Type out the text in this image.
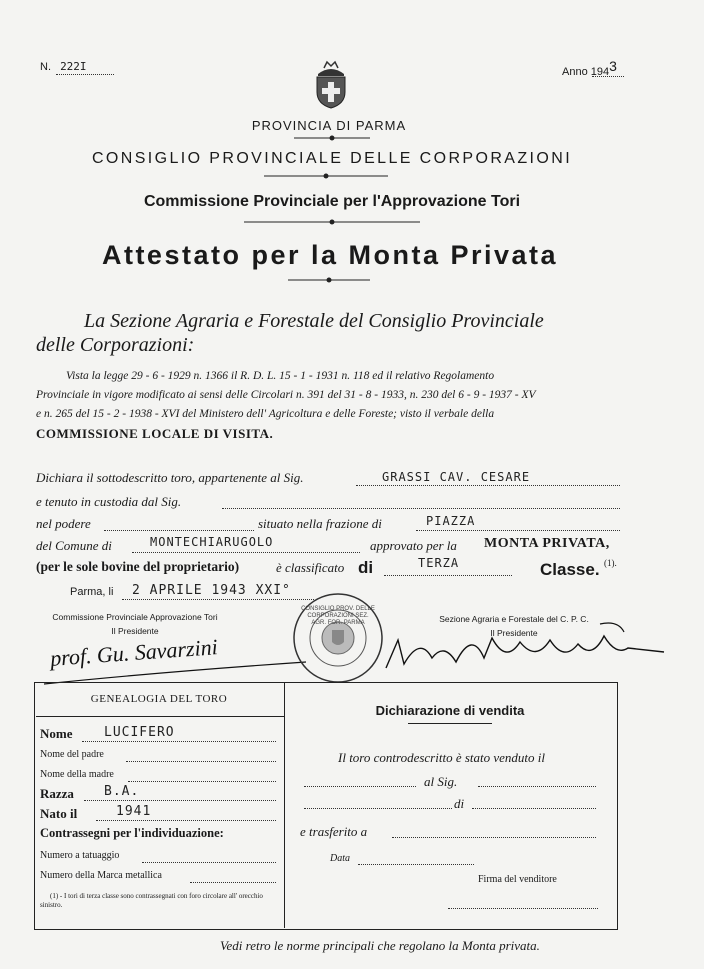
N. 222I	Anno 1943
PROVINCIA DI PARMA
CONSIGLIO PROVINCIALE DELLE CORPORAZIONI
Commissione Provinciale per l'Approvazione Tori
Attestato per la Monta Privata
La Sezione Agraria e Forestale del Consiglio Provinciale
delle Corporazioni:
Vista la legge 29 - 6 - 1929 n. 1366 il R. D. L. 15 - 1 - 1931 n. 118 ed il relativo Regolamento
Provinciale in vigore modificato ai sensi delle Circolari n. 391 del 31 - 8 - 1933, n. 230 del 6 - 9 - 1937 - XV
e n. 265 del 15 - 2 - 1938 - XVI del Ministero dell' Agricoltura e delle Foreste; visto il verbale della
COMMISSIONE LOCALE DI VISITA.
Dichiara il sottodescritto toro, appartenente al Sig.	GRASSI CAV. CESARE
e tenuto in custodia dal Sig.
nel podere	situato nella frazione di	PIAZZA
del Comune di	MONTECHIARUGOLO	approvato per la MONTA PRIVATA,
(per le sole bovine del proprietario)	è classificato di	TERZA	Classe. (1).
Parma, li 2 APRILE 1943 XXI°
Commissione Provinciale Approvazione Tori
Il Presidente
prof. Gu. Savarzini
CONSIGLIO PROV. DELLE CORPORAZIONI SEZ. AGR. FOR. PARMA	Sezione Agraria e Forestale del C. P. C.
Il Presidente
GENEALOGIA DEL TORO
Nome LUCIFERO
Nome del padre
Nome della madre
Razza B.A.
Nato il	1941
Contrassegni per l'individuazione:
Numero a tatuaggio
Numero della Marca metallica
(1) - I tori di terza classe sono contrassegnati con foro circolare all' orecchio sinistro.
Dichiarazione di vendita
Il toro controdescritto è stato venduto il
al Sig.
di
e trasferito a
Data
Firma del venditore
Vedi retro le norme principali che regolano la Monta privata.
